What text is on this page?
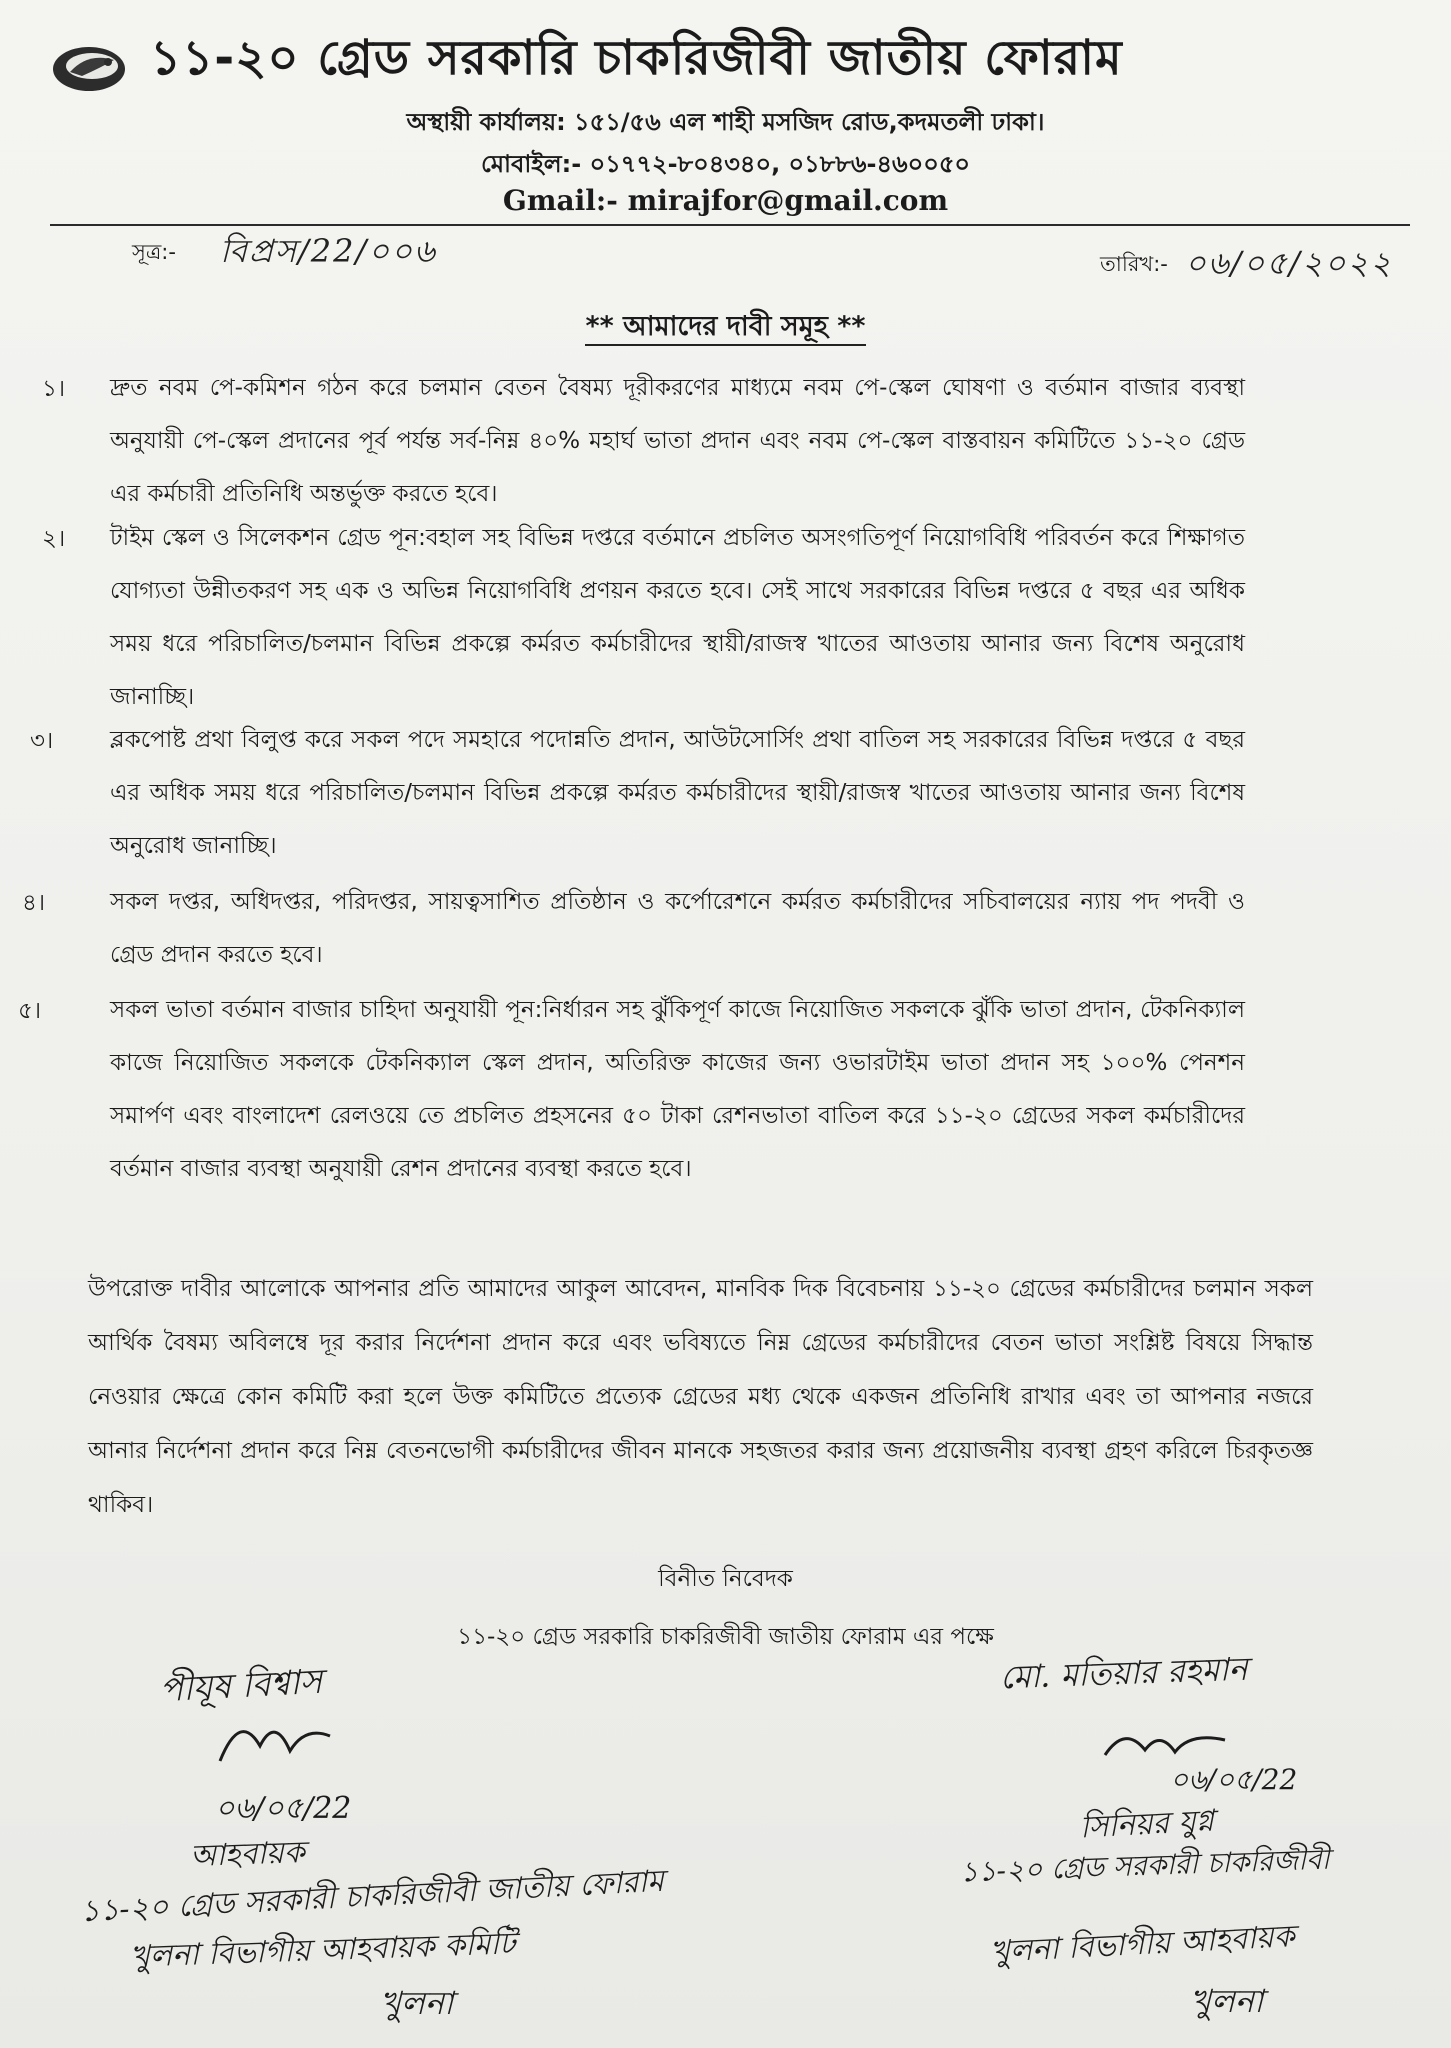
১১-২০ গ্রেড সরকারি চাকরিজীবী জাতীয় ফোরাম
অস্থায়ী কার্যালয়: ১৫১/৫৬ এল শাহী মসজিদ রোড,কদমতলী ঢাকা।
মোবাইল:- ০১৭৭২-৮০৪৩৪০, ০১৮৮৬-৪৬০০৫০
Gmail:- mirajfor@gmail.com
সূত্র:- বিপ্রস/22/০০৬	তারিখ:- ০৬/০৫/২০২২
** আমাদের দাবী সমূহ **
১। দ্রুত নবম পে-কমিশন গঠন করে চলমান বেতন বৈষম্য দূরীকরণের মাধ্যমে নবম পে-স্কেল ঘোষণা ও বর্তমান বাজার ব্যবস্থা অনুযায়ী পে-স্কেল প্রদানের পূর্ব পর্যন্ত সর্ব-নিম্ন ৪০% মহার্ঘ ভাতা প্রদান এবং নবম পে-স্কেল বাস্তবায়ন কমিটিতে ১১-২০ গ্রেড এর কর্মচারী প্রতিনিধি অন্তর্ভুক্ত করতে হবে।
২। টাইম স্কেল ও সিলেকশন গ্রেড পূন:বহাল সহ বিভিন্ন দপ্তরে বর্তমানে প্রচলিত অসংগতিপূর্ণ নিয়োগবিধি পরিবর্তন করে শিক্ষাগত যোগ্যতা উন্নীতকরণ সহ এক ও অভিন্ন নিয়োগবিধি প্রণয়ন করতে হবে। সেই সাথে সরকারের বিভিন্ন দপ্তরে ৫ বছর এর অধিক সময় ধরে পরিচালিত/চলমান বিভিন্ন প্রকল্পে কর্মরত কর্মচারীদের স্থায়ী/রাজস্ব খাতের আওতায় আনার জন্য বিশেষ অনুরোধ জানাচ্ছি।
৩। ব্লকপোষ্ট প্রথা বিলুপ্ত করে সকল পদে সমহারে পদোন্নতি প্রদান, আউটসোর্সিং প্রথা বাতিল সহ সরকারের বিভিন্ন দপ্তরে ৫ বছর এর অধিক সময় ধরে পরিচালিত/চলমান বিভিন্ন প্রকল্পে কর্মরত কর্মচারীদের স্থায়ী/রাজস্ব খাতের আওতায় আনার জন্য বিশেষ অনুরোধ জানাচ্ছি।
৪।	সকল দপ্তর, অধিদপ্তর, পরিদপ্তর, সায়ত্বসাশিত প্রতিষ্ঠান ও কর্পোরেশনে কর্মরত কর্মচারীদের সচিবালয়ের ন্যায় পদ পদবী ও গ্রেড প্রদান করতে হবে।
৫।	সকল ভাতা বর্তমান বাজার চাহিদা অনুযায়ী পূন:নির্ধারন সহ ঝুঁকিপূর্ণ কাজে নিয়োজিত সকলকে ঝুঁকি ভাতা প্রদান, টেকনিক্যাল কাজে নিয়োজিত সকলকে টেকনিক্যাল স্কেল প্রদান, অতিরিক্ত কাজের জন্য ওভারটাইম ভাতা প্রদান সহ ১০০% পেনশন সমার্পণ এবং বাংলাদেশ রেলওয়ে তে প্রচলিত প্রহসনের ৫০ টাকা রেশনভাতা বাতিল করে ১১-২০ গ্রেডের সকল কর্মচারীদের বর্তমান বাজার ব্যবস্থা অনুযায়ী রেশন প্রদানের ব্যবস্থা করতে হবে।
উপরোক্ত দাবীর আলোকে আপনার প্রতি আমাদের আকুল আবেদন, মানবিক দিক বিবেচনায় ১১-২০ গ্রেডের কর্মচারীদের চলমান সকল আর্থিক বৈষম্য অবিলম্বে দূর করার নির্দেশনা প্রদান করে এবং ভবিষ্যতে নিম্ন গ্রেডের কর্মচারীদের বেতন ভাতা সংশ্লিষ্ট বিষয়ে সিদ্ধান্ত নেওয়ার ক্ষেত্রে কোন কমিটি করা হলে উক্ত কমিটিতে প্রত্যেক গ্রেডের মধ্য থেকে একজন প্রতিনিধি রাখার এবং তা আপনার নজরে আনার নির্দেশনা প্রদান করে নিম্ন বেতনভোগী কর্মচারীদের জীবন মানকে সহজতর করার জন্য প্রয়োজনীয় ব্যবস্থা গ্রহণ করিলে চিরকৃতজ্ঞ থাকিব।
বিনীত নিবেদক
১১-২০ গ্রেড সরকারি চাকরিজীবী জাতীয় ফোরাম এর পক্ষে
পীযূষ বিশ্বাস
০৬/০৫/22
আহবায়ক
১১-২০ গ্রেড সরকারী চাকরিজীবী জাতীয় ফোরাম
খুলনা বিভাগীয় আহবায়ক কমিটি
খুলনা
মো. মতিয়ার রহমান
০৬/০৫/22
সিনিয়র যুগ্ন
১১-২০ গ্রেড সরকারী চাকরিজীবী
খুলনা বিভাগীয় আহবায়ক
খুলনা
